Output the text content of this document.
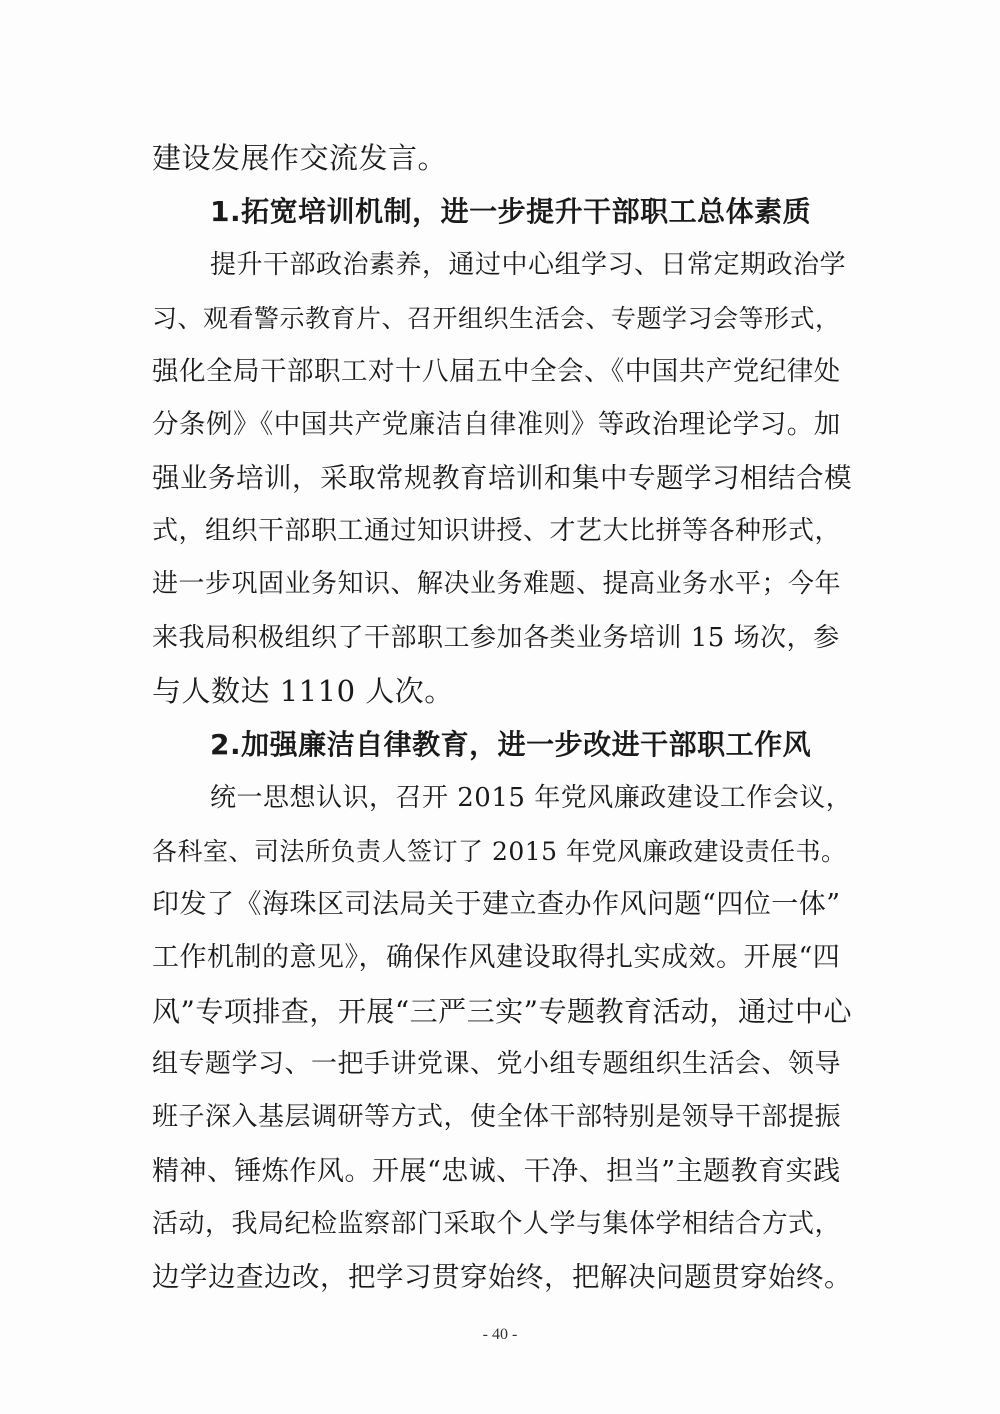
建设发展作交流发言。
1.拓宽培训机制，进一步提升干部职工总体素质
提升干部政治素养，通过中心组学习、日常定期政治学
习、观看警示教育片、召开组织生活会、专题学习会等形式，
强化全局干部职工对十八届五中全会、《中国共产党纪律处
分条例》《中国共产党廉洁自律准则》等政治理论学习。加
强业务培训，采取常规教育培训和集中专题学习相结合模
式，组织干部职工通过知识讲授、才艺大比拼等各种形式，
进一步巩固业务知识、解决业务难题、提高业务水平；今年
来我局积极组织了干部职工参加各类业务培训 15 场次，参
与人数达 1110 人次。
2.加强廉洁自律教育，进一步改进干部职工作风
统一思想认识，召开 2015 年党风廉政建设工作会议，
各科室、司法所负责人签订了 2015 年党风廉政建设责任书。
印发了《海珠区司法局关于建立查办作风问题“四位一体”
工作机制的意见》，确保作风建设取得扎实成效。开展“四
风”专项排查，开展“三严三实”专题教育活动，通过中心
组专题学习、一把手讲党课、党小组专题组织生活会、领导
班子深入基层调研等方式，使全体干部特别是领导干部提振
精神、锤炼作风。开展“忠诚、干净、担当”主题教育实践
活动，我局纪检监察部门采取个人学与集体学相结合方式，
边学边查边改，把学习贯穿始终，把解决问题贯穿始终。
- 40 -
